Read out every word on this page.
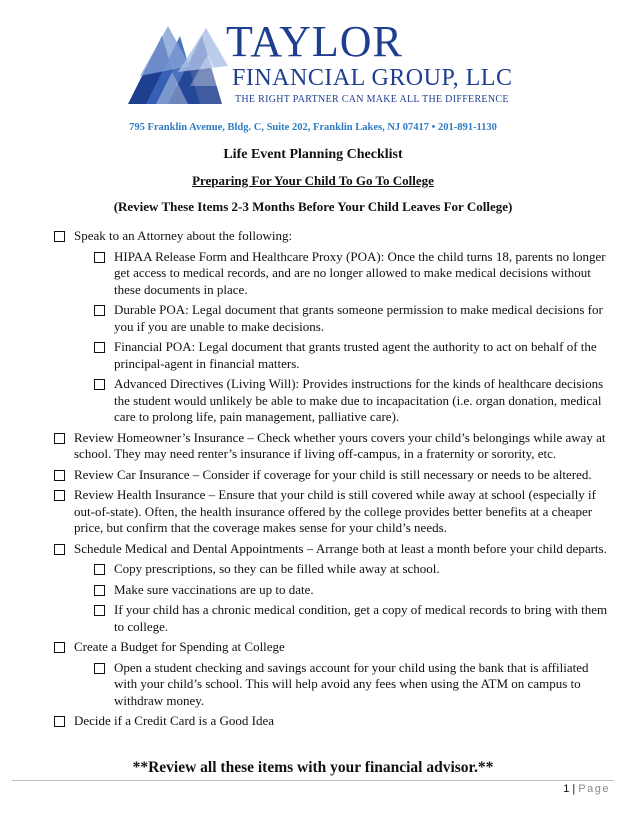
TAYLOR
FINANCIAL GROUP, LLC
THE RIGHT PARTNER CAN MAKE ALL THE DIFFERENCE
795 Franklin Avenue, Bldg. C, Suite 202, Franklin Lakes, NJ 07417 • 201-891-1130
Life Event Planning Checklist
Preparing For Your Child To Go To College
(Review These Items 2-3 Months Before Your Child Leaves For College)
Speak to an Attorney about the following:
HIPAA Release Form and Healthcare Proxy (POA): Once the child turns 18, parents no longer get access to medical records, and are no longer allowed to make medical decisions without these documents in place.
Durable POA: Legal document that grants someone permission to make medical decisions for you if you are unable to make decisions.
Financial POA: Legal document that grants trusted agent the authority to act on behalf of the principal-agent in financial matters.
Advanced Directives (Living Will): Provides instructions for the kinds of healthcare decisions the student would unlikely be able to make due to incapacitation (i.e. organ donation, medical care to prolong life, pain management, palliative care).
Review Homeowner’s Insurance – Check whether yours covers your child’s belongings while away at school. They may need renter’s insurance if living off-campus, in a fraternity or sorority, etc.
Review Car Insurance – Consider if coverage for your child is still necessary or needs to be altered.
Review Health Insurance – Ensure that your child is still covered while away at school (especially if out-of-state). Often, the health insurance offered by the college provides better benefits at a cheaper price, but confirm that the coverage makes sense for your child’s needs.
Schedule Medical and Dental Appointments – Arrange both at least a month before your child departs.
Copy prescriptions, so they can be filled while away at school.
Make sure vaccinations are up to date.
If your child has a chronic medical condition, get a copy of medical records to bring with them to college.
Create a Budget for Spending at College
Open a student checking and savings account for your child using the bank that is affiliated with your child’s school. This will help avoid any fees when using the ATM on campus to withdraw money.
Decide if a Credit Card is a Good Idea
**Review all these items with your financial advisor.**
1 | Page
